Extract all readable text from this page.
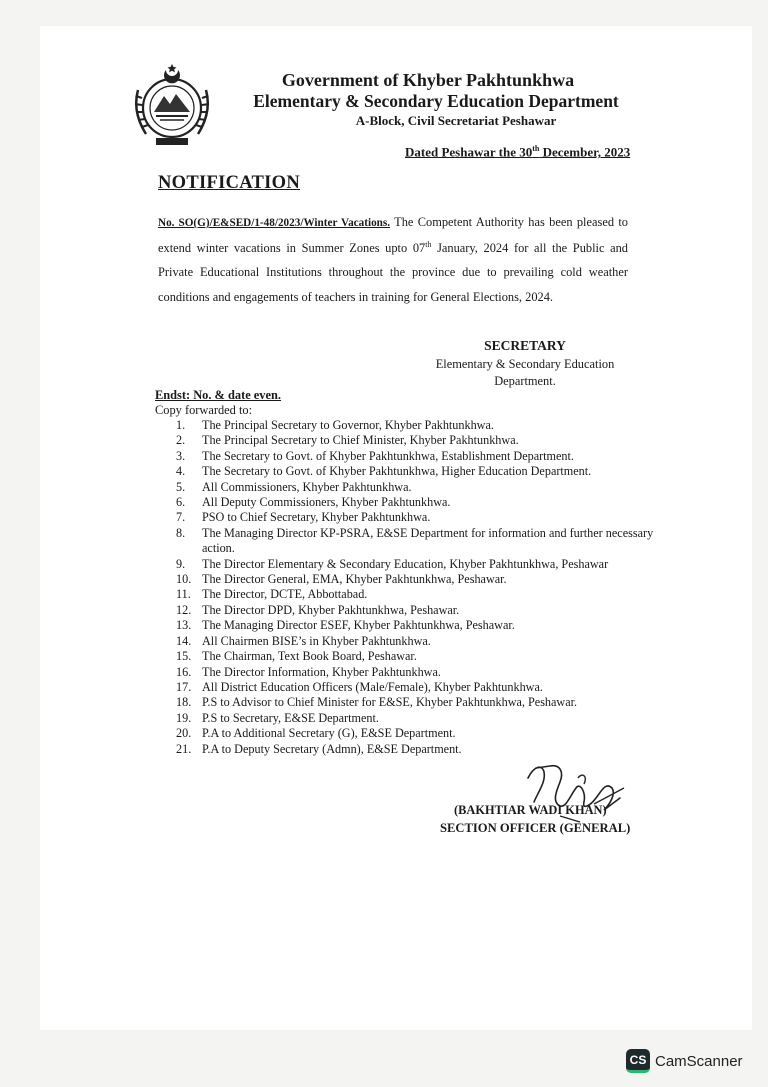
Government of Khyber Pakhtunkhwa
Elementary & Secondary Education Department
A-Block, Civil Secretariat Peshawar
Dated Peshawar the 30th December, 2023
NOTIFICATION
No. SO(G)/E&SED/1-48/2023/Winter Vacations. The Competent Authority has been pleased to extend winter vacations in Summer Zones upto 07th January, 2024 for all the Public and Private Educational Institutions throughout the province due to prevailing cold weather conditions and engagements of teachers in training for General Elections, 2024.
SECRETARY
Elementary & Secondary Education
Department.
Endst: No. & date even.
Copy forwarded to:
1.	The Principal Secretary to Governor, Khyber Pakhtunkhwa.
2.	The Principal Secretary to Chief Minister, Khyber Pakhtunkhwa.
3.	The Secretary to Govt. of Khyber Pakhtunkhwa, Establishment Department.
4.	The Secretary to Govt. of Khyber Pakhtunkhwa, Higher Education Department.
5.	All Commissioners, Khyber Pakhtunkhwa.
6.	All Deputy Commissioners, Khyber Pakhtunkhwa.
7.	PSO to Chief Secretary, Khyber Pakhtunkhwa.
8.	The Managing Director KP-PSRA, E&SE Department for information and further necessary action.
9.	The Director Elementary & Secondary Education, Khyber Pakhtunkhwa, Peshawar
10. The Director General, EMA, Khyber Pakhtunkhwa, Peshawar.
11. The Director, DCTE, Abbottabad.
12. The Director DPD, Khyber Pakhtunkhwa, Peshawar.
13. The Managing Director ESEF, Khyber Pakhtunkhwa, Peshawar.
14. All Chairmen BISE’s in Khyber Pakhtunkhwa.
15. The Chairman, Text Book Board, Peshawar.
16. The Director Information, Khyber Pakhtunkhwa.
17. All District Education Officers (Male/Female), Khyber Pakhtunkhwa.
18. P.S to Advisor to Chief Minister for E&SE, Khyber Pakhtunkhwa, Peshawar.
19. P.S to Secretary, E&SE Department.
20. P.A to Additional Secretary (G), E&SE Department.
21. P.A to Deputy Secretary (Admn), E&SE Department.
(BAKHTIAR WADI KHAN)
SECTION OFFICER (GENERAL)
CS CamScanner
